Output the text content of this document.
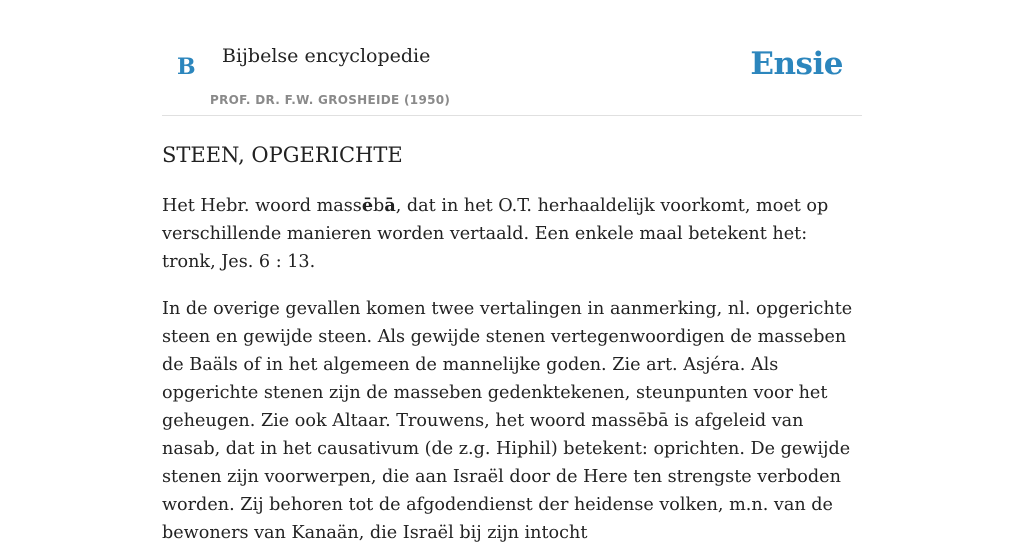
B Bijbelse encyclopedie
PROF. DR. F.W. GROSHEIDE (1950)
Ensie
STEEN, OPGERICHTE

Het Hebr. woord massēbā, dat in het O.T. herhaaldelijk voorkomt, moet op verschillende manieren worden vertaald. Een enkele maal betekent het: tronk, Jes. 6 : 13.

In de overige gevallen komen twee vertalingen in aanmerking, nl. opgerichte steen en gewijde steen. Als gewijde stenen vertegenwoordigen de masseben de Baäls of in het algemeen de mannelijke goden. Zie art. Asjéra. Als opgerichte stenen zijn de masseben gedenktekenen, steunpunten voor het geheugen. Zie ook Altaar. Trouwens, het woord massēbā is afgeleid van nasab, dat in het causativum (de z.g. Hiphil) betekent: oprichten. De gewijde stenen zijn voorwerpen, die aan Israël door de Here ten strengste verboden worden. Zij behoren tot de afgodendienst der heidense volken, m.n. van de bewoners van Kanaän, die Israël bij zijn intocht
